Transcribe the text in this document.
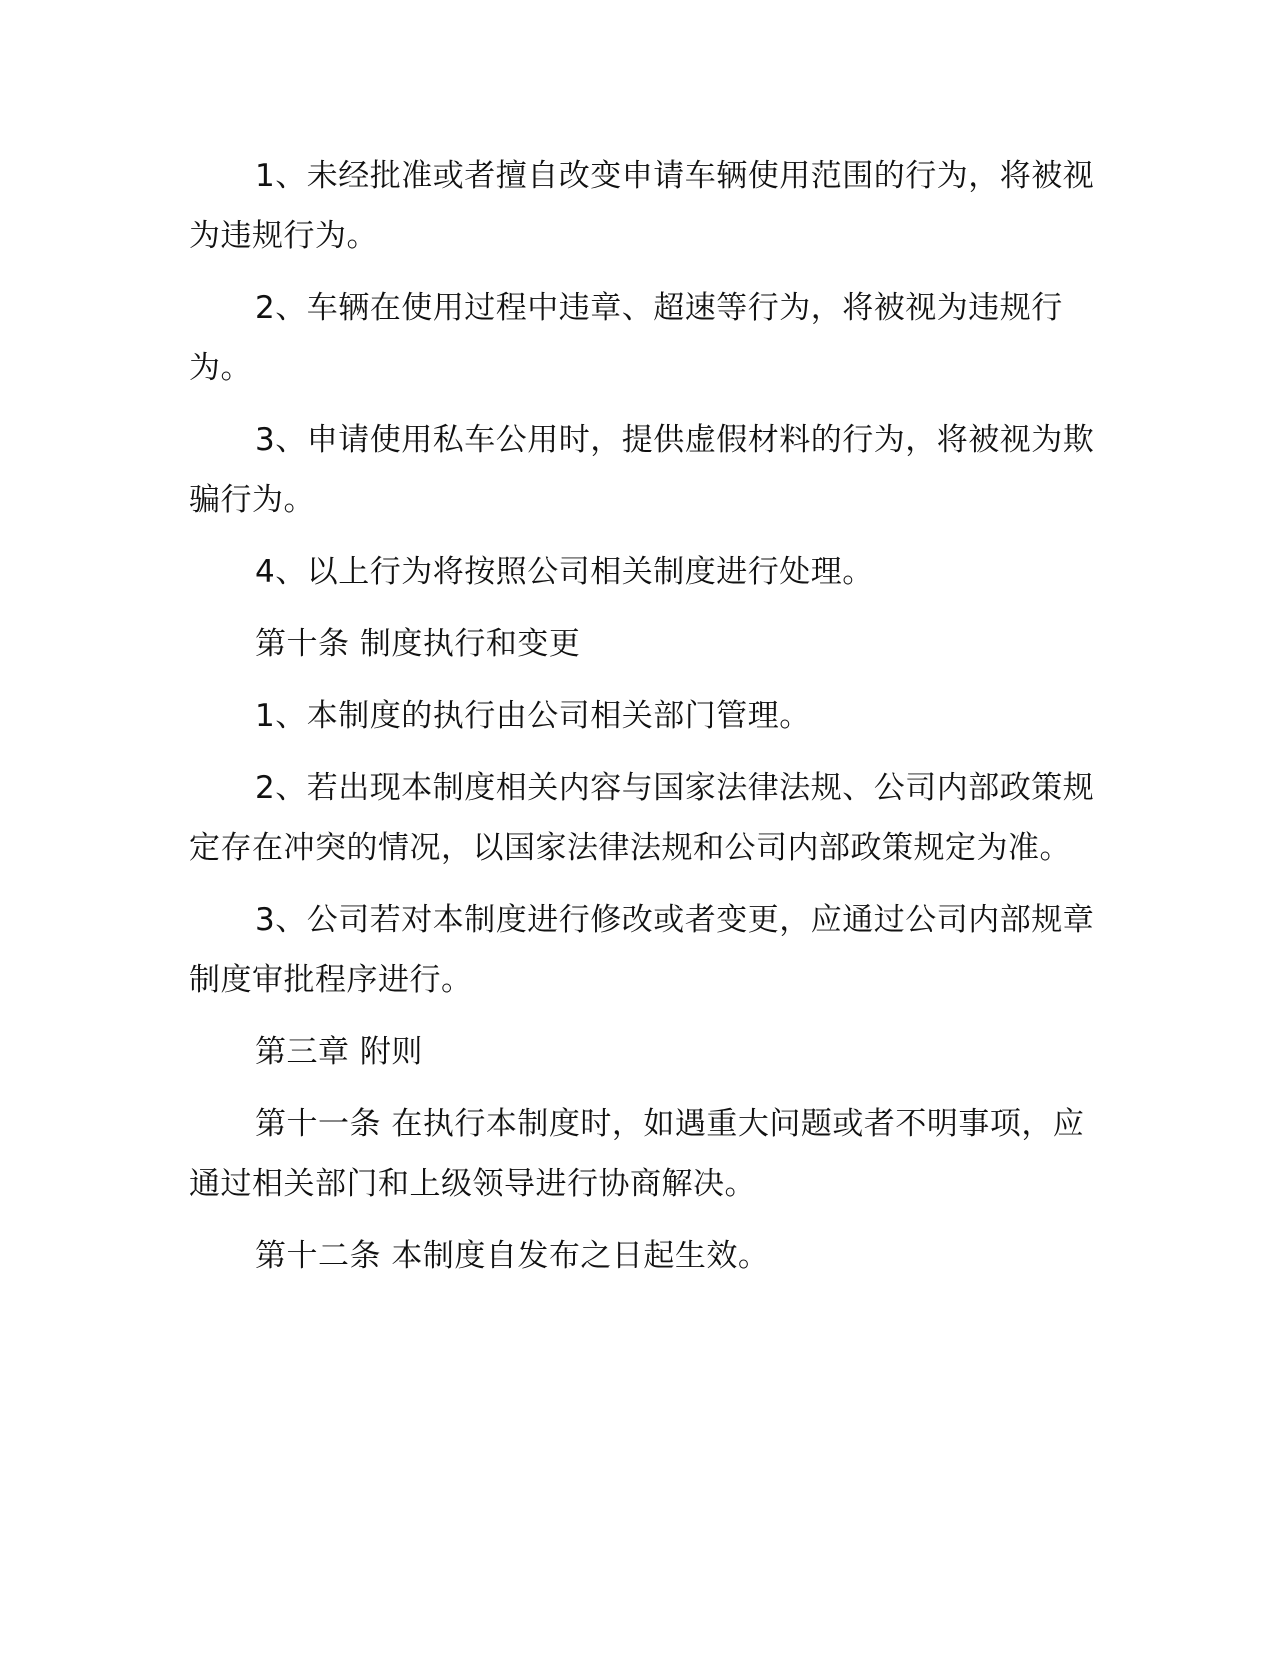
1、未经批准或者擅自改变申请车辆使用范围的行为，将被视为违规行为。

2、车辆在使用过程中违章、超速等行为，将被视为违规行为。

3、申请使用私车公用时，提供虚假材料的行为，将被视为欺骗行为。

4、以上行为将按照公司相关制度进行处理。

第十条 制度执行和变更

1、本制度的执行由公司相关部门管理。

2、若出现本制度相关内容与国家法律法规、公司内部政策规定存在冲突的情况，以国家法律法规和公司内部政策规定为准。

3、公司若对本制度进行修改或者变更，应通过公司内部规章制度审批程序进行。

第三章 附则

第十一条 在执行本制度时，如遇重大问题或者不明事项，应通过相关部门和上级领导进行协商解决。

第十二条 本制度自发布之日起生效。
